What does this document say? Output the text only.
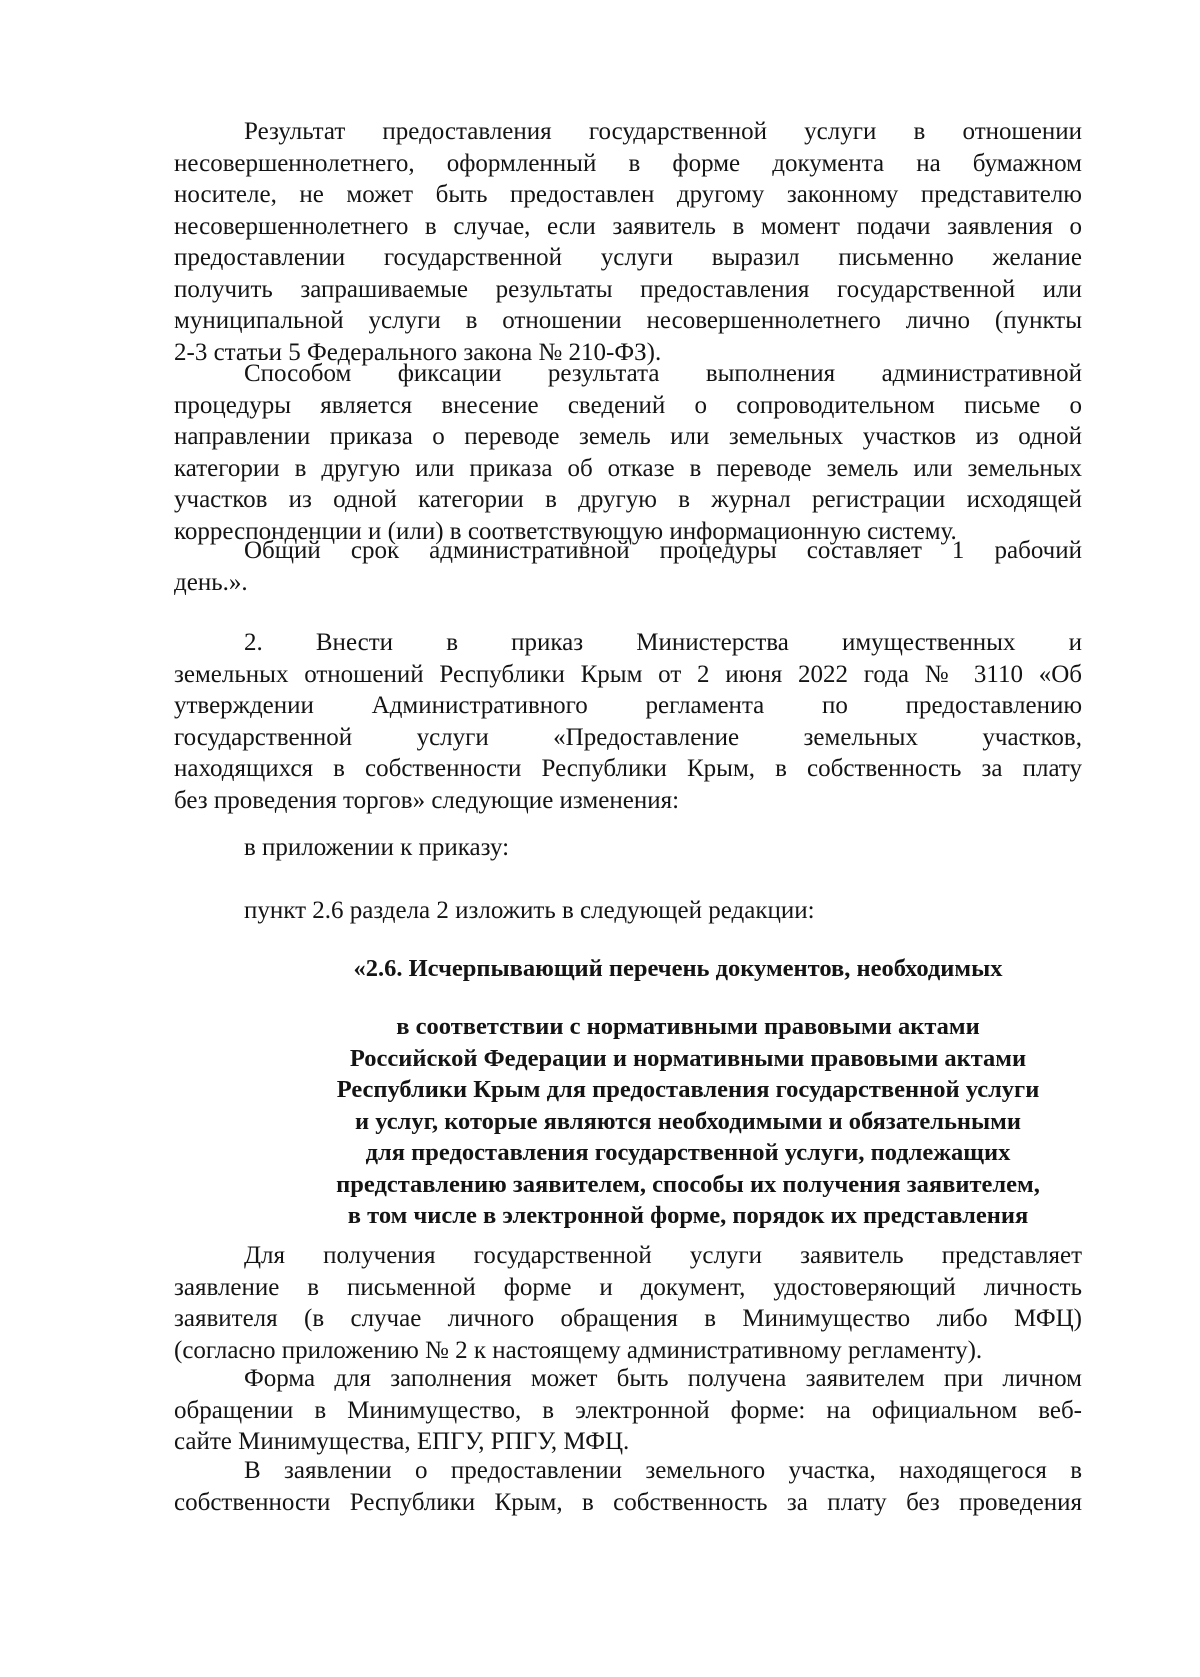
Результат предоставления государственной услуги в отношении
несовершеннолетнего, оформленный в форме документа на бумажном
носителе, не может быть предоставлен другому законному представителю
несовершеннолетнего в случае, если заявитель в момент подачи заявления о
предоставлении государственной услуги выразил письменно желание
получить запрашиваемые результаты предоставления государственной или
муниципальной услуги в отношении несовершеннолетнего лично (пункты
2-3 статьи 5 Федерального закона № 210-ФЗ).
Способом фиксации результата выполнения административной
процедуры является внесение сведений о сопроводительном письме о
направлении приказа о переводе земель или земельных участков из одной
категории в другую или приказа об отказе в переводе земель или земельных
участков из одной категории в другую в журнал регистрации исходящей
корреспонденции и (или) в соответствующую информационную систему.
Общий срок административной процедуры составляет 1 рабочий
день.».
2. Внести в приказ Министерства имущественных и
земельных отношений Республики Крым от 2 июня 2022 года № 3110 «Об
утверждении Административного регламента по предоставлению
государственной услуги «Предоставление земельных участков,
находящихся в собственности Республики Крым, в собственность за плату
без проведения торгов» следующие изменения:
в приложении к приказу:
пункт 2.6 раздела 2 изложить в следующей редакции:
«2.6. Исчерпывающий перечень документов, необходимых
в соответствии с нормативными правовыми актами
Российской Федерации и нормативными правовыми актами
Республики Крым для предоставления государственной услуги
и услуг, которые являются необходимыми и обязательными
для предоставления государственной услуги, подлежащих
представлению заявителем, способы их получения заявителем,
в том числе в электронной форме, порядок их представления
Для получения государственной услуги заявитель представляет
заявление в письменной форме и документ, удостоверяющий личность
заявителя (в случае личного обращения в Минимущество либо МФЦ)
(согласно приложению № 2 к настоящему административному регламенту).
Форма для заполнения может быть получена заявителем при личном
обращении в Минимущество, в электронной форме: на официальном веб-
сайте Минимущества, ЕПГУ, РПГУ, МФЦ.
В заявлении о предоставлении земельного участка, находящегося в
собственности Республики Крым, в собственность за плату без проведения
